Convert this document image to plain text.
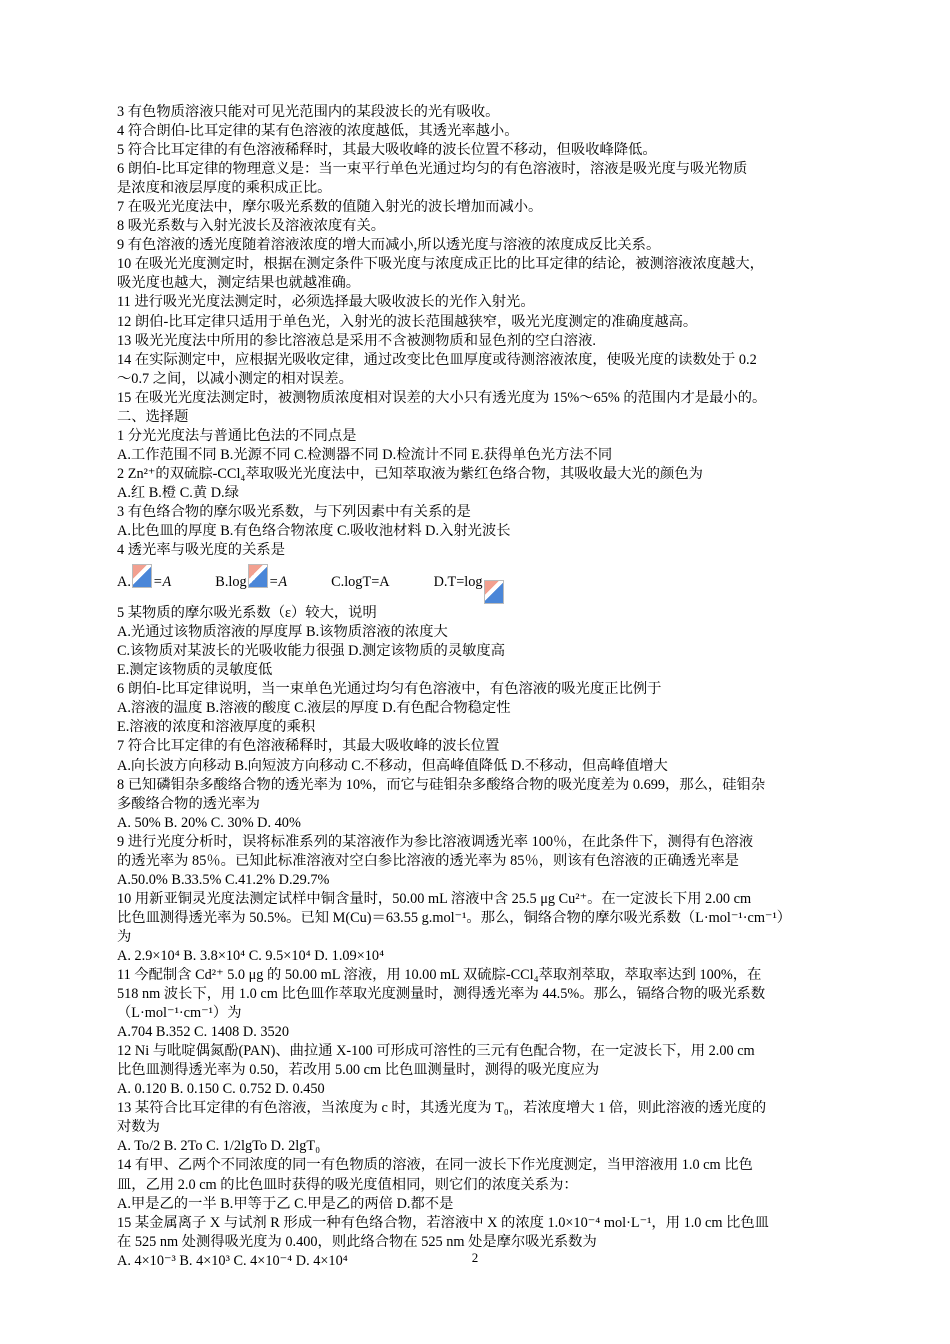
3 有色物质溶液只能对可见光范围内的某段波长的光有吸收。
4 符合朗伯-比耳定律的某有色溶液的浓度越低，其透光率越小。
5 符合比耳定律的有色溶液稀释时，其最大吸收峰的波长位置不移动，但吸收峰降低。
6 朗伯-比耳定律的物理意义是：当一束平行单色光通过均匀的有色溶液时，溶液是吸光度与吸光物质
是浓度和液层厚度的乘积成正比。
7 在吸光光度法中，摩尔吸光系数的值随入射光的波长增加而减小。
8 吸光系数与入射光波长及溶液浓度有关。
9 有色溶液的透光度随着溶液浓度的增大而减小,所以透光度与溶液的浓度成反比关系。
10 在吸光光度测定时，根据在测定条件下吸光度与浓度成正比的比耳定律的结论，被测溶液浓度越大，
吸光度也越大，测定结果也就越准确。
11 进行吸光光度法测定时，必须选择最大吸收波长的光作入射光。
12 朗伯-比耳定律只适用于单色光，入射光的波长范围越狭窄，吸光光度测定的准确度越高。
13 吸光光度法中所用的参比溶液总是采用不含被测物质和显色剂的空白溶液.
14 在实际测定中，应根据光吸收定律，通过改变比色皿厚度或待测溶液浓度，使吸光度的读数处于 0.2
～0.7 之间，以减小测定的相对误差。
15 在吸光光度法测定时，被测物质浓度相对误差的大小只有透光度为 15%～65% 的范围内才是最小的。
二、选择题
1 分光光度法与普通比色法的不同点是
A.工作范围不同 B.光源不同 C.检测器不同 D.检流计不同 E.获得单色光方法不同
2 Zn²⁺的双硫腙-CCl₄萃取吸光光度法中，已知萃取液为紫红色络合物，其吸收最大光的颜色为
A.红 B.橙 C.黄 D.绿
3 有色络合物的摩尔吸光系数，与下列因素中有关系的是
A.比色皿的厚度 B.有色络合物浓度 C.吸收池材料 D.入射光波长
4 透光率与吸光度的关系是
A. =A	B.log =A	C.logT=A	D.T=log
5 某物质的摩尔吸光系数（ε）较大，说明
A.光通过该物质溶液的厚度厚 B.该物质溶液的浓度大
C.该物质对某波长的光吸收能力很强 D.测定该物质的灵敏度高
E.测定该物质的灵敏度低
6 朗伯-比耳定律说明，当一束单色光通过均匀有色溶液中，有色溶液的吸光度正比例于
A.溶液的温度 B.溶液的酸度 C.液层的厚度 D.有色配合物稳定性
E.溶液的浓度和溶液厚度的乘积
7 符合比耳定律的有色溶液稀释时，其最大吸收峰的波长位置
A.向长波方向移动 B.向短波方向移动 C.不移动，但高峰值降低 D.不移动，但高峰值增大
8 已知磷钼杂多酸络合物的透光率为 10%，而它与硅钼杂多酸络合物的吸光度差为 0.699，那么，硅钼杂
多酸络合物的透光率为
A. 50% B. 20% C. 30% D. 40%
9 进行光度分析时，误将标准系列的某溶液作为参比溶液调透光率 100％，在此条件下，测得有色溶液
的透光率为 85％。已知此标准溶液对空白参比溶液的透光率为 85％，则该有色溶液的正确透光率是
A.50.0% B.33.5% C.41.2% D.29.7%
10 用新亚铜灵光度法测定试样中铜含量时，50.00 mL 溶液中含 25.5 μg Cu²⁺。在一定波长下用 2.00 cm
比色皿测得透光率为 50.5%。已知 M(Cu)＝63.55 g.mol⁻¹。那么，铜络合物的摩尔吸光系数（L·mol⁻¹·cm⁻¹）
为
A. 2.9×10⁴ B. 3.8×10⁴ C. 9.5×10⁴ D. 1.09×10⁴
11 今配制含 Cd²⁺ 5.0 μg 的 50.00 mL 溶液，用 10.00 mL 双硫腙-CCl₄萃取剂萃取，萃取率达到 100%，在
518 nm 波长下，用 1.0 cm 比色皿作萃取光度测量时，测得透光率为 44.5%。那么，镉络合物的吸光系数
（L·mol⁻¹·cm⁻¹）为
A.704 B.352 C. 1408 D. 3520
12 Ni 与吡啶偶氮酚(PAN)、曲拉通 X-100 可形成可溶性的三元有色配合物，在一定波长下，用 2.00 cm
比色皿测得透光率为 0.50，若改用 5.00 cm 比色皿测量时，测得的吸光度应为
A. 0.120 B. 0.150 C. 0.752 D. 0.450
13 某符合比耳定律的有色溶液，当浓度为 c 时，其透光度为 T₀，若浓度增大 1 倍，则此溶液的透光度的
对数为
A. To/2 B. 2To C. 1/2lgTo D. 2lgT₀
14 有甲、乙两个不同浓度的同一有色物质的溶液，在同一波长下作光度测定，当甲溶液用 1.0 cm 比色
皿，乙用 2.0 cm 的比色皿时获得的吸光度值相同，则它们的浓度关系为：
A.甲是乙的一半 B.甲等于乙 C.甲是乙的两倍 D.都不是
15 某金属离子 X 与试剂 R 形成一种有色络合物，若溶液中 X 的浓度 1.0×10⁻⁴ mol·L⁻¹，用 1.0 cm 比色皿
在 525 nm 处测得吸光度为 0.400，则此络合物在 525 nm 处是摩尔吸光系数为
A. 4×10⁻³ B. 4×10³ C. 4×10⁻⁴ D. 4×10⁴	2
